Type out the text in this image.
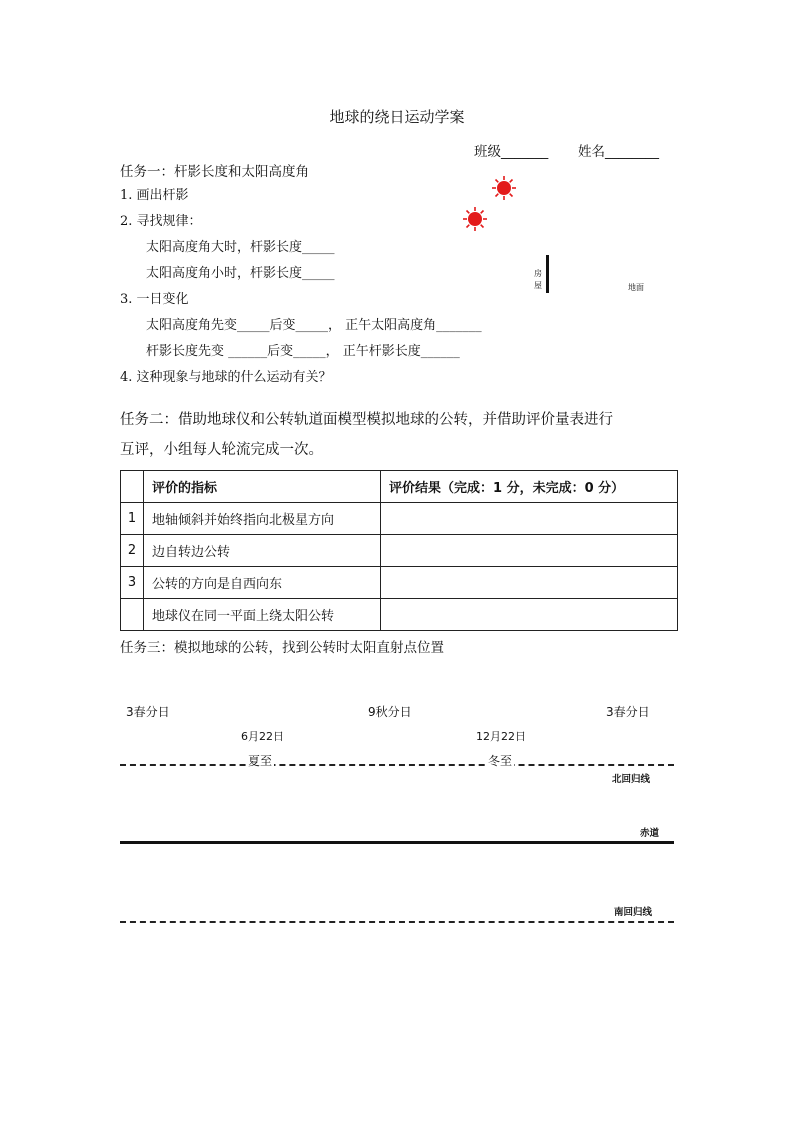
地球的绕日运动学案
班级_______ 姓名________
任务一：杆影长度和太阳高度角
1. 画出杆影
2. 寻找规律：
太阳高度角大时，杆影长度_____
太阳高度角小时，杆影长度_____
3. 一日变化
太阳高度角先变_____后变_____， 正午太阳高度角_______
杆影长度先变 ______后变_____， 正午杆影长度______
4. 这种现象与地球的什么运动有关？
房
屋	地面
任务二：借助地球仪和公转轨道面模型模拟地球的公转，并借助评价量表进行
互评，小组每人轮流完成一次。
	评价的指标	评价结果（完成：1 分，未完成：0 分）
1	地轴倾斜并始终指向北极星方向	
2	边自转边公转	
3	公转的方向是自西向东	
	地球仪在同一平面上绕太阳公转	
任务三：模拟地球的公转，找到公转时太阳直射点位置
3春分日	9秋分日	3春分日
6月22日	12月22日
夏至	冬至
北回归线
赤道
南回归线
